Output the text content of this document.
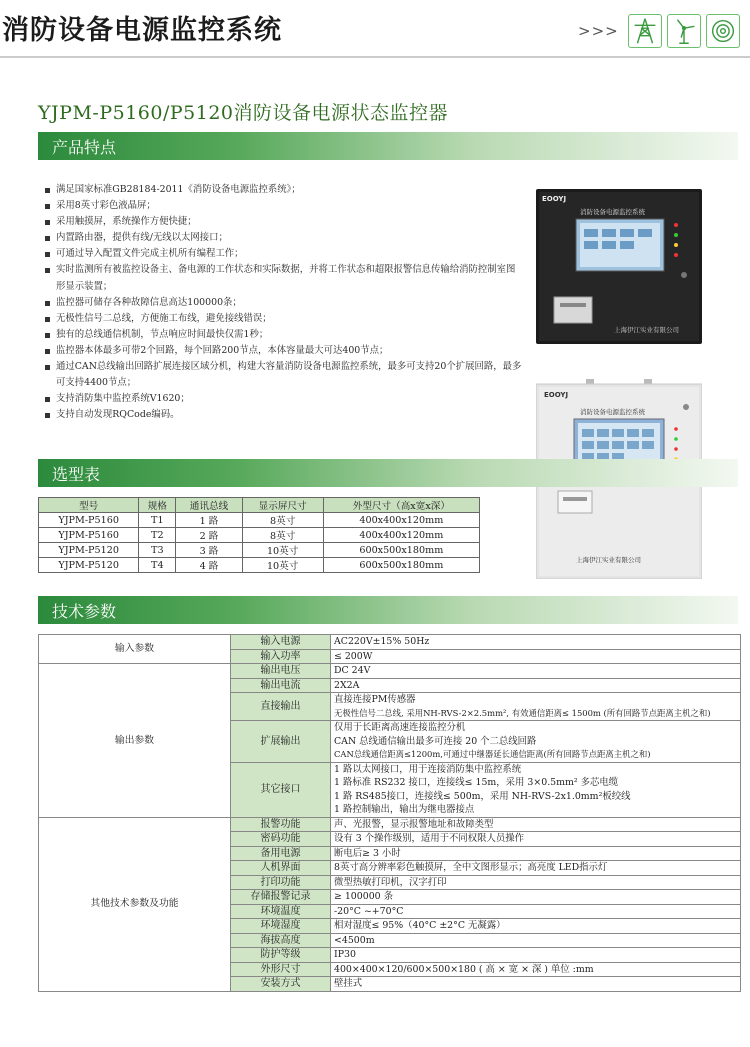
消防设备电源监控系统	>>>
YJPM-P5160/P5120消防设备电源状态监控器
产品特点
满足国家标准GB28184-2011《消防设备电源监控系统》；
采用8英寸彩色液晶屏；
采用触摸屏，系统操作方便快捷；
内置路由器，提供有线/无线以太网接口；
可通过导入配置文件完成主机所有编程工作；
实时监测所有被监控设备主、备电源的工作状态和实际数据，并将工作状态和超限报警信息传输给消防控制室图形显示装置；
监控器可储存各种故障信息高达100000条；
无极性信号二总线，方便施工布线，避免接线错误；
独有的总线通信机制，节点响应时间最快仅需1秒；
监控器本体最多可带2个回路，每个回路200节点，本体容量最大可达400节点；
通过CAN总线输出回路扩展连接区域分机，构建大容量消防设备电源监控系统，最多可支持20个扩展回路，最多可支持4400节点；
支持消防集中监控系统V1620；
支持自动发现RQCode编码。
EOOYJ
消防设备电源监控系统
上海伊江实业有限公司
EOOYJ
消防设备电源监控系统
上海伊江实业有限公司
选型表
型号	规格	通讯总线	显示屏尺寸	外型尺寸（高x宽x深）
YJPM-P5160	T1	1 路	8英寸	400x400x120mm
YJPM-P5160	T2	2 路	8英寸	400x400x120mm
YJPM-P5120	T3	3 路	10英寸	600x500x180mm
YJPM-P5120	T4	4 路	10英寸	600x500x180mm
技术参数
输入参数	输入电源	AC220V±15% 50Hz

	输入功率	≤ 200W

输出参数	输出电压	DC 24V

	输出电流	2X2A

	直接输出	直接连接PM传感器
无极性信号二总线, 采用NH-RVS-2×2.5mm², 有效通信距离≤ 1500m (所有回路节点距离主机之和)

	扩展输出	仅用于长距离高速连接监控分机
CAN 总线通信输出最多可连接 20 个二总线回路
CAN总线通信距离≤1200m,可通过中继器延长通信距离(所有回路节点距离主机之和)

	其它接口	1 路以太网接口，用于连接消防集中监控系统
1 路标准 RS232 接口，连接线≤ 15m，采用 3×0.5mm² 多芯电缆
1 路 RS485接口，连接线≤ 500m，采用 NH-RVS-2x1.0mm²板绞线
1 路控制输出，输出为继电器接点

其他技术参数及功能	报警功能	声、光报警，显示报警地址和故障类型

	密码功能	设有 3 个操作级别，适用于不同权限人员操作

	备用电源	断电后≥ 3 小时

	人机界面	8英寸高分辨率彩色触摸屏，全中文图形显示；高亮度 LED指示灯

	打印功能	微型热敏打印机，汉字打印

	存储报警记录	≥ 100000 条

	环境温度	-20°C ~+70°C

	环境湿度	相对湿度≤ 95%（40°C ±2°C 无凝露）

	海拔高度	<4500m

	防护等级	IP30

	外形尺寸	400×400×120/600×500×180 ( 高 × 宽 × 深 ) 单位 :mm

	安装方式	壁挂式
